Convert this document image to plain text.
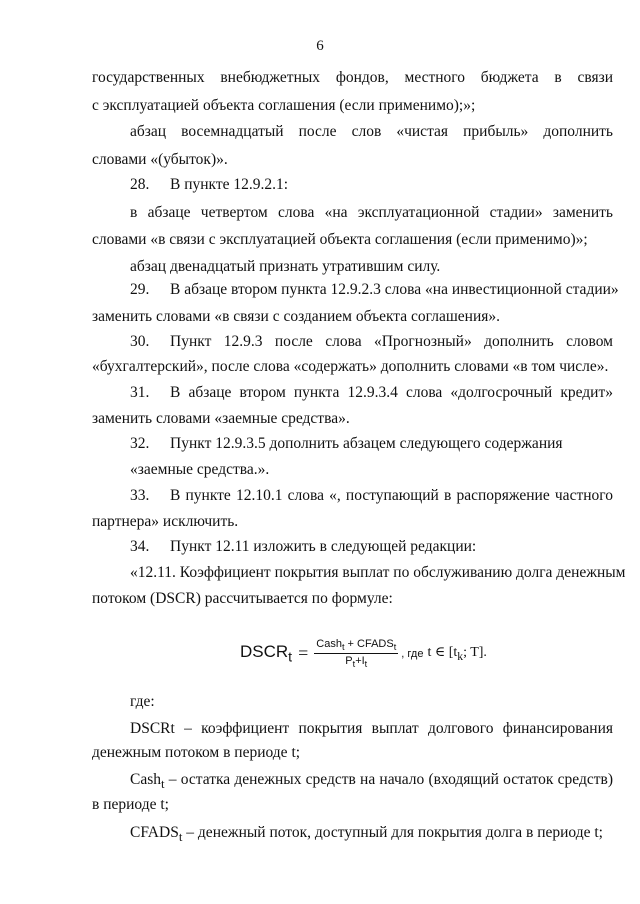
6
государственных внебюджетных фондов, местного бюджета в связи
с эксплуатацией объекта соглашения (если применимо);»;
абзац восемнадцатый после слов «чистая прибыль» дополнить
словами «(убыток)».
28. В пункте 12.9.2.1:
в абзаце четвертом слова «на эксплуатационной стадии» заменить
словами «в связи с эксплуатацией объекта соглашения (если применимо)»;
абзац двенадцатый признать утратившим силу.
29. В абзаце втором пункта 12.9.2.3 слова «на инвестиционной стадии»
заменить словами «в связи с созданием объекта соглашения».
30. Пункт 12.9.3 после слова «Прогнозный» дополнить словом
«бухгалтерский», после слова «содержать» дополнить словами «в том числе».
31. В абзаце втором пункта 12.9.3.4 слова «долгосрочный кредит»
заменить словами «заемные средства».
32. Пункт 12.9.3.5 дополнить абзацем следующего содержания
«заемные средства.».
33. В пункте 12.10.1 слова «, поступающий в распоряжение частного
партнера» исключить.
34. Пункт 12.11 изложить в следующей редакции:
«12.11. Коэффициент покрытия выплат по обслуживанию долга денежным
потоком (DSCR) рассчитывается по формуле:
$DSCR_t = \frac{Cash_t + CFADS_t}{P_t+I_t}$ , где t ∈ [$t_k$; T].
где:
DSCRt – коэффициент покрытия выплат долгового финансирования
денежным потоком в периоде t;
Cash$_t$ – остатка денежных средств на начало (входящий остаток средств)
в периоде t;
$CFADS_t$ – денежный поток, доступный для покрытия долга в периоде t;
